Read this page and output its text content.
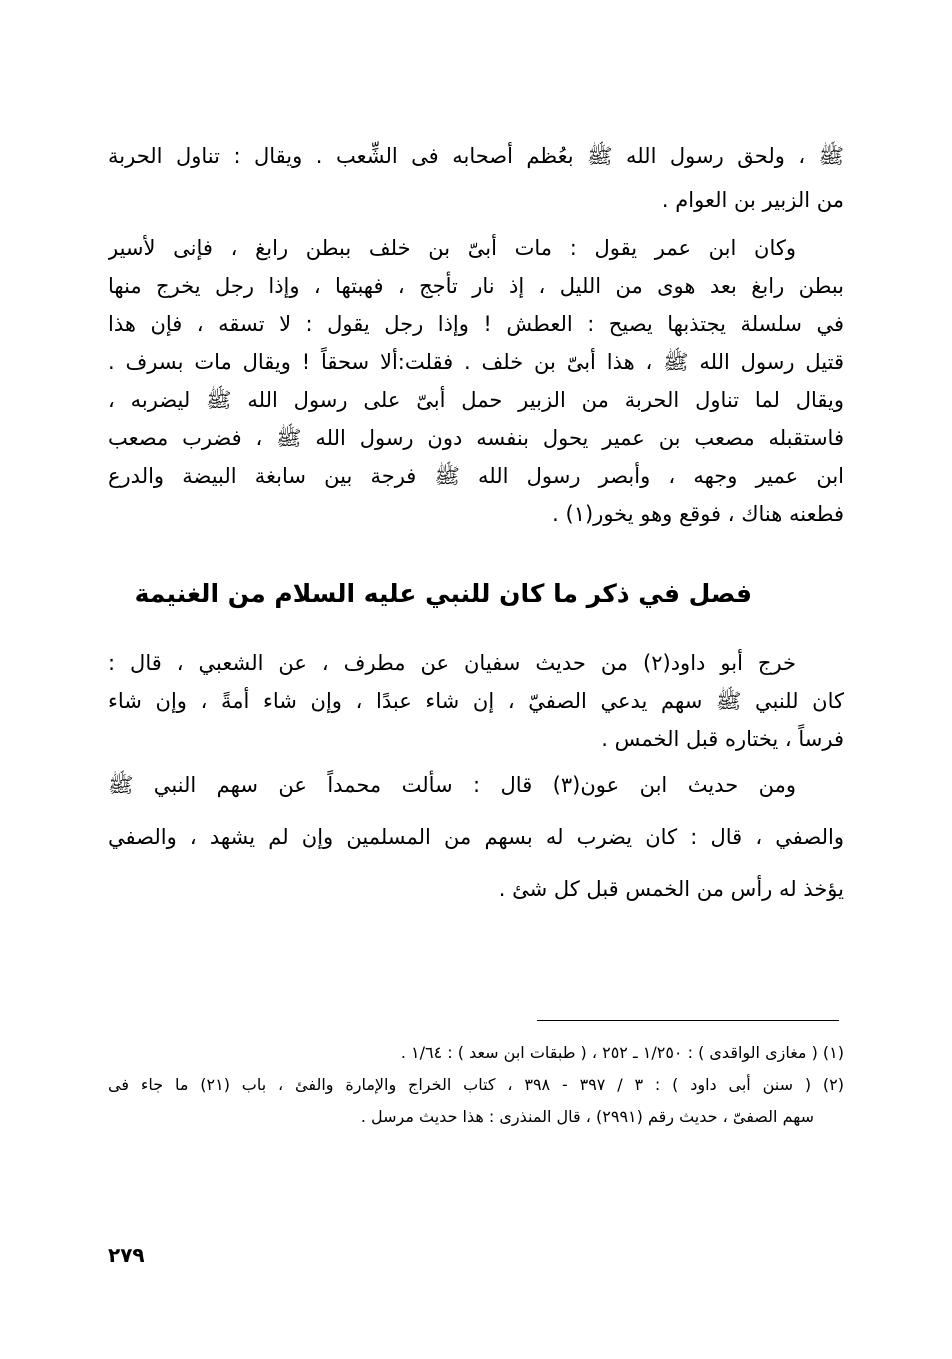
ﷺ ، ولحق رسول الله ﷺ بعُظم أصحابه فى الشِّعب . ويقال : تناول الحربة
من الزبير بن العوام .
وكان ابن عمر يقول : مات أبىّ بن خلف ببطن رابغ ، فإنى لأسير
ببطن رابغ بعد هوى من الليل ، إذ نار تأجج ، فهبتها ، وإذا رجل يخرج منها
في سلسلة يجتذبها يصيح : العطش ! وإذا رجل يقول : لا تسقه ، فإن هذا
قتيل رسول الله ﷺ ، هذا أبىّ بن خلف . فقلت:ألا سحقاً ! ويقال مات بسرف .
ويقال لما تناول الحربة من الزبير حمل أبىّ على رسول الله ﷺ ليضربه ،
فاستقبله مصعب بن عمير يحول بنفسه دون رسول الله ﷺ ، فضرب مصعب
ابن عمير وجهه ، وأبصر رسول الله ﷺ فرجة بين سابغة البيضة والدرع
فطعنه هناك ، فوقع وهو يخور(١) .
فصل في ذكر ما كان للنبي عليه السلام من الغنيمة
خرج أبو داود(٢) من حديث سفيان عن مطرف ، عن الشعبي ، قال :
كان للنبي ﷺ سهم يدعي الصفيّ ، إن شاء عبدًا ، وإن شاء أمةً ، وإن شاء
فرساً ، يختاره قبل الخمس .
ومن حديث ابن عون(٣) قال : سألت محمداً عن سهم النبي ﷺ
والصفي ، قال : كان يضرب له بسهم من المسلمين وإن لم يشهد ، والصفي
يؤخذ له رأس من الخمس قبل كل شئ .
(١) ( مغازى الواقدى ) : ١/٢٥٠ ـ ٢٥٢ ، ( طبقات ابن سعد ) : ١/٦٤ .
(٢) ( سنن أبى داود ) : ٣ / ٣٩٧ - ٣٩٨ ، كتاب الخراج والإمارة والفئ ، باب (٢١) ما جاء فى
سهم الصفىّ ، حديث رقم (٢٩٩١) ، قال المنذرى : هذا حديث مرسل .
٢٧٩
